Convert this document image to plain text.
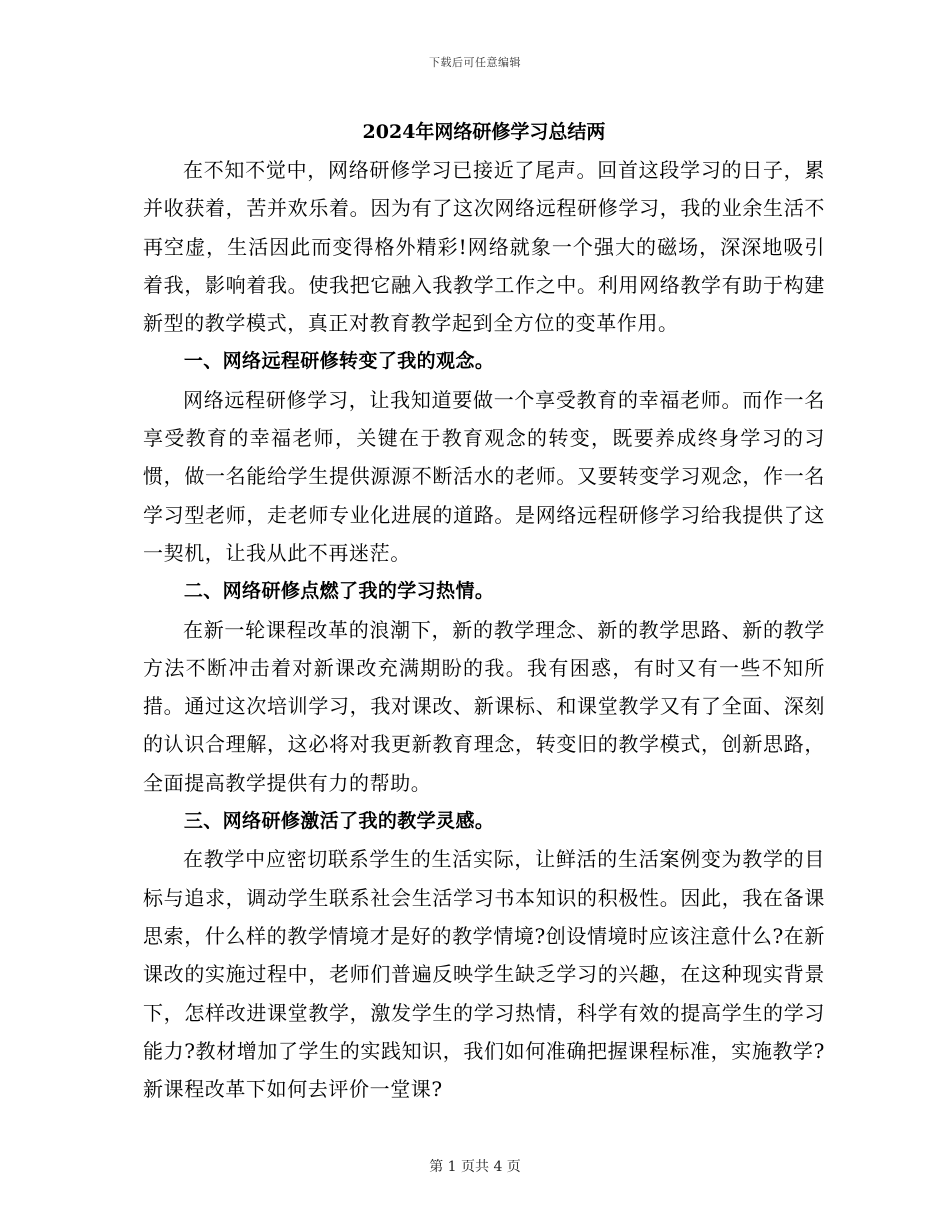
下载后可任意编辑
2024年网络研修学习总结两

在不知不觉中，网络研修学习已接近了尾声。回首这段学习的日子，累并收获着，苦并欢乐着。因为有了这次网络远程研修学习，我的业余生活不再空虚，生活因此而变得格外精彩!网络就象一个强大的磁场，深深地吸引着我，影响着我。使我把它融入我教学工作之中。利用网络教学有助于构建新型的教学模式，真正对教育教学起到全方位的变革作用。

一、网络远程研修转变了我的观念。

网络远程研修学习，让我知道要做一个享受教育的幸福老师。而作一名享受教育的幸福老师，关键在于教育观念的转变，既要养成终身学习的习惯，做一名能给学生提供源源不断活水的老师。又要转变学习观念，作一名学习型老师，走老师专业化进展的道路。是网络远程研修学习给我提供了这一契机，让我从此不再迷茫。

二、网络研修点燃了我的学习热情。

在新一轮课程改革的浪潮下，新的教学理念、新的教学思路、新的教学方法不断冲击着对新课改充满期盼的我。我有困惑，有时又有一些不知所措。通过这次培训学习，我对课改、新课标、和课堂教学又有了全面、深刻的认识合理解，这必将对我更新教育理念，转变旧的教学模式，创新思路，全面提高教学提供有力的帮助。

三、网络研修激活了我的教学灵感。

在教学中应密切联系学生的生活实际，让鲜活的生活案例变为教学的目标与追求，调动学生联系社会生活学习书本知识的积极性。因此，我在备课思索，什么样的教学情境才是好的教学情境?创设情境时应该注意什么?在新课改的实施过程中，老师们普遍反映学生缺乏学习的兴趣，在这种现实背景下，怎样改进课堂教学，激发学生的学习热情，科学有效的提高学生的学习能力?教材增加了学生的实践知识，我们如何准确把握课程标准，实施教学?新课程改革下如何去评价一堂课?

第 1 页共 4 页
